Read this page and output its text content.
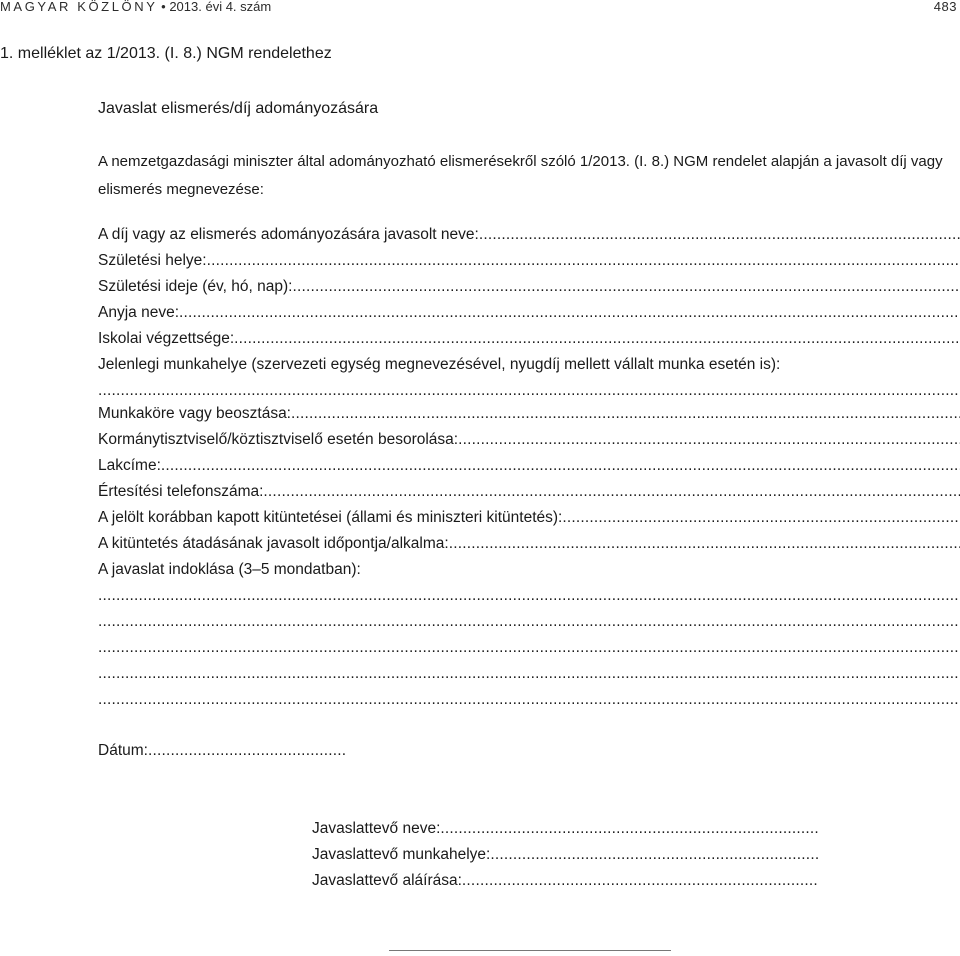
MAGYAR KÖZLÖNY • 2013. évi 4. szám	483
1. melléklet az 1/2013. (I. 8.) NGM rendelethez
Javaslat elismerés/díj adományozására
A nemzetgazdasági miniszter által adományozható elismerésekről szóló 1/2013. (I. 8.) NGM rendelet alapján a javasolt díj vagy elismerés megnevezése:
A díj vagy az elismerés adományozására javasolt neve:
.....
Születési helye:
.....
Születési ideje (év, hó, nap):
.....
Anyja neve:
.....
Iskolai végzettsége:
.....
Jelenlegi munkahelye (szervezeti egység megnevezésével, nyugdíj mellett vállalt munka esetén is):
.....
Munkaköre vagy beosztása:
.....
Kormánytisztviselő/köztisztviselő esetén besorolása:
.....
Lakcíme:
.....
Értesítési telefonszáma:
.....
A jelölt korábban kapott kitüntetései (állami és miniszteri kitüntetés):
.....
A kitüntetés átadásának javasolt időpontja/alkalma:
.....
A javaslat indoklása (3–5 mondatban):
.....
.....
.....
.....
.....
Dátum:
.....
Javaslattevő neve:
.....
Javaslattevő munkahelye:
.....
Javaslattevő aláírása:
.....
